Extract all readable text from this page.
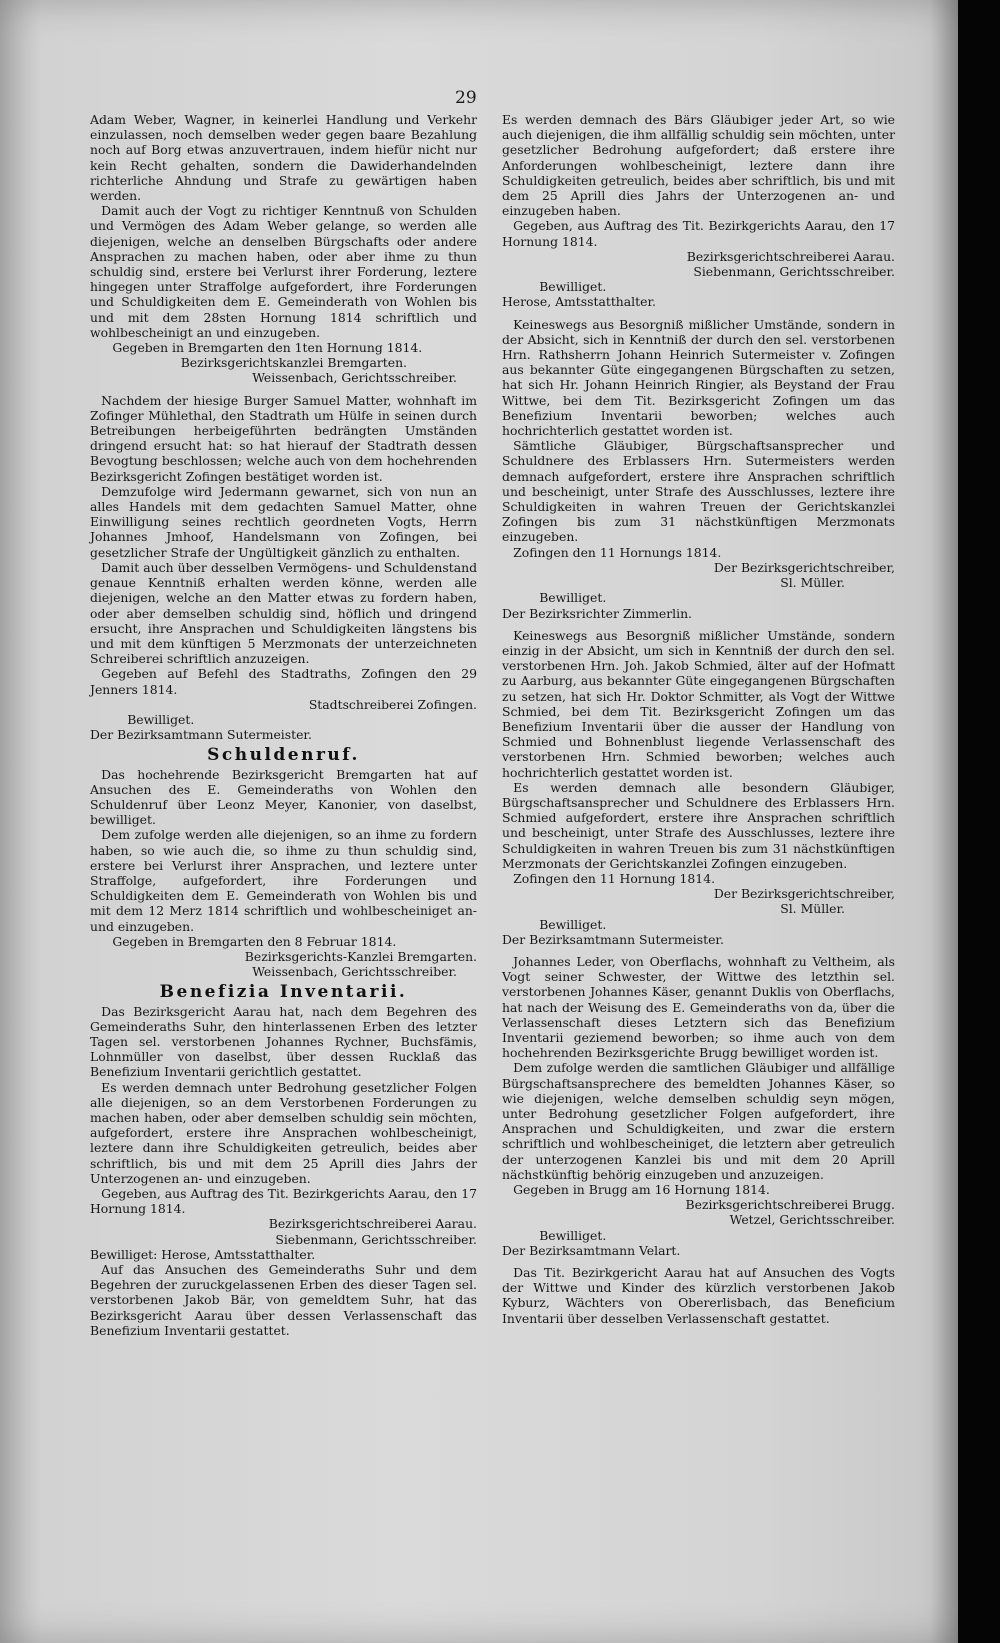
29

Adam Weber, Wagner, in keinerlei Handlung und Verkehr einzulassen, noch demselben weder gegen baare Bezahlung noch auf Borg etwas anzuvertrauen, indem hiefür nicht nur kein Recht gehalten, sondern die Dawiderhandelnden richterliche Ahndung und Strafe zu gewärtigen haben werden.

Damit auch der Vogt zu richtiger Kenntnuß von Schulden und Vermögen des Adam Weber gelange, so werden alle diejenigen, welche an denselben Bürgschafts oder andere Ansprachen zu machen haben, oder aber ihme zu thun schuldig sind, erstere bei Verlurst ihrer Forderung, leztere hingegen unter Straffolge aufgefordert, ihre Forderungen und Schuldigkeiten dem E. Gemeinderath von Wohlen bis und mit dem 28sten Hornung 1814 schriftlich und wohlbescheinigt an und einzugeben.

Gegeben in Bremgarten den 1ten Hornung 1814.

Bezirksgerichtskanzlei Bremgarten.

Weissenbach, Gerichtsschreiber.

Nachdem der hiesige Burger Samuel Matter, wohnhaft im Zofinger Mühlethal, den Stadtrath um Hülfe in seinen durch Betreibungen herbeigeführten bedrängten Umständen dringend ersucht hat: so hat hierauf der Stadtrath dessen Bevogtung beschlossen; welche auch von dem hochehrenden Bezirksgericht Zofingen bestätiget worden ist.

Demzufolge wird Jedermann gewarnet, sich von nun an alles Handels mit dem gedachten Samuel Matter, ohne Einwilligung seines rechtlich geordneten Vogts, Herrn Johannes Jmhoof, Handelsmann von Zofingen, bei gesetzlicher Strafe der Ungültigkeit gänzlich zu enthalten.

Damit auch über desselben Vermögens- und Schuldenstand genaue Kenntniß erhalten werden könne, werden alle diejenigen, welche an den Matter etwas zu fordern haben, oder aber demselben schuldig sind, höflich und dringend ersucht, ihre Ansprachen und Schuldigkeiten längstens bis und mit dem künftigen 5 Merzmonats der unterzeichneten Schreiberei schriftlich anzuzeigen.

Gegeben auf Befehl des Stadtraths, Zofingen den 29 Jenners 1814.

Stadtschreiberei Zofingen.

Bewilliget.

Der Bezirksamtmann Sutermeister.

Schuldenruf.

Das hochehrende Bezirksgericht Bremgarten hat auf Ansuchen des E. Gemeinderaths von Wohlen den Schuldenruf über Leonz Meyer, Kanonier, von daselbst, bewilliget.

Dem zufolge werden alle diejenigen, so an ihme zu fordern haben, so wie auch die, so ihme zu thun schuldig sind, erstere bei Verlurst ihrer Ansprachen, und leztere unter Straffolge, aufgefordert, ihre Forderungen und Schuldigkeiten dem E. Gemeinderath von Wohlen bis und mit dem 12 Merz 1814 schriftlich und wohlbescheiniget an- und einzugeben.

Gegeben in Bremgarten den 8 Februar 1814.

Bezirksgerichts-Kanzlei Bremgarten.

Weissenbach, Gerichtsschreiber.

Benefizia Inventarii.

Das Bezirksgericht Aarau hat, nach dem Begehren des Gemeinderaths Suhr, den hinterlassenen Erben des letzter Tagen sel. verstorbenen Johannes Rychner, Buchsfämis, Lohnmüller von daselbst, über dessen Rucklaß das Benefizium Inventarii gerichtlich gestattet.

Es werden demnach unter Bedrohung gesetzlicher Folgen alle diejenigen, so an dem Verstorbenen Forderungen zu machen haben, oder aber demselben schuldig sein möchten, aufgefordert, erstere ihre Ansprachen wohlbescheinigt, leztere dann ihre Schuldigkeiten getreulich, beides aber schriftlich, bis und mit dem 25 Aprill dies Jahrs der Unterzogenen an- und einzugeben.

Gegeben, aus Auftrag des Tit. Bezirkgerichts Aarau, den 17 Hornung 1814.

Bezirksgerichtschreiberei Aarau.

Siebenmann, Gerichtsschreiber.

Bewilliget: Herose, Amtsstatthalter.

Auf das Ansuchen des Gemeinderaths Suhr und dem Begehren der zuruckgelassenen Erben des dieser Tagen sel. verstorbenen Jakob Bär, von gemeldtem Suhr, hat das Bezirksgericht Aarau über dessen Verlassenschaft das Benefizium Inventarii gestattet.

Es werden demnach des Bärs Gläubiger jeder Art, so wie auch diejenigen, die ihm allfällig schuldig sein möchten, unter gesetzlicher Bedrohung aufgefordert; daß erstere ihre Anforderungen wohlbescheinigt, leztere dann ihre Schuldigkeiten getreulich, beides aber schriftlich, bis und mit dem 25 Aprill dies Jahrs der Unterzogenen an- und einzugeben haben.

Gegeben, aus Auftrag des Tit. Bezirkgerichts Aarau, den 17 Hornung 1814.

Bezirksgerichtschreiberei Aarau.

Siebenmann, Gerichtsschreiber.

Bewilliget.

Herose, Amtsstatthalter.

Keineswegs aus Besorgniß mißlicher Umstände, sondern in der Absicht, sich in Kenntniß der durch den sel. verstorbenen Hrn. Rathsherrn Johann Heinrich Sutermeister v. Zofingen aus bekannter Güte eingegangenen Bürgschaften zu setzen, hat sich Hr. Johann Heinrich Ringier, als Beystand der Frau Wittwe, bei dem Tit. Bezirksgericht Zofingen um das Benefizium Inventarii beworben; welches auch hochrichterlich gestattet worden ist.

Sämtliche Gläubiger, Bürgschaftsansprecher und Schuldnere des Erblassers Hrn. Sutermeisters werden demnach aufgefordert, erstere ihre Ansprachen schriftlich und bescheinigt, unter Strafe des Ausschlusses, leztere ihre Schuldigkeiten in wahren Treuen der Gerichtskanzlei Zofingen bis zum 31 nächstkünftigen Merzmonats einzugeben.

Zofingen den 11 Hornungs 1814.

Der Bezirksgerichtschreiber,

Sl. Müller.

Bewilliget.

Der Bezirksrichter Zimmerlin.

Keineswegs aus Besorgniß mißlicher Umstände, sondern einzig in der Absicht, um sich in Kenntniß der durch den sel. verstorbenen Hrn. Joh. Jakob Schmied, älter auf der Hofmatt zu Aarburg, aus bekannter Güte eingegangenen Bürgschaften zu setzen, hat sich Hr. Doktor Schmitter, als Vogt der Wittwe Schmied, bei dem Tit. Bezirksgericht Zofingen um das Benefizium Inventarii über die ausser der Handlung von Schmied und Bohnenblust liegende Verlassenschaft des verstorbenen Hrn. Schmied beworben; welches auch hochrichterlich gestattet worden ist.

Es werden demnach alle besondern Gläubiger, Bürgschaftsansprecher und Schuldnere des Erblassers Hrn. Schmied aufgefordert, erstere ihre Ansprachen schriftlich und bescheinigt, unter Strafe des Ausschlusses, leztere ihre Schuldigkeiten in wahren Treuen bis zum 31 nächstkünftigen Merzmonats der Gerichtskanzlei Zofingen einzugeben.

Zofingen den 11 Hornung 1814.

Der Bezirksgerichtschreiber,

Sl. Müller.

Bewilliget.

Der Bezirksamtmann Sutermeister.

Johannes Leder, von Oberflachs, wohnhaft zu Veltheim, als Vogt seiner Schwester, der Wittwe des letzthin sel. verstorbenen Johannes Käser, genannt Duklis von Oberflachs, hat nach der Weisung des E. Gemeinderaths von da, über die Verlassenschaft dieses Letztern sich das Benefizium Inventarii geziemend beworben; so ihme auch von dem hochehrenden Bezirksgerichte Brugg bewilliget worden ist.

Dem zufolge werden die samtlichen Gläubiger und allfällige Bürgschaftsansprechere des bemeldten Johannes Käser, so wie diejenigen, welche demselben schuldig seyn mögen, unter Bedrohung gesetzlicher Folgen aufgefordert, ihre Ansprachen und Schuldigkeiten, und zwar die erstern schriftlich und wohlbescheiniget, die letztern aber getreulich der unterzogenen Kanzlei bis und mit dem 20 Aprill nächstkünftig behörig einzugeben und anzuzeigen.

Gegeben in Brugg am 16 Hornung 1814.

Bezirksgerichtschreiberei Brugg.

Wetzel, Gerichtsschreiber.

Bewilliget.

Der Bezirksamtmann Velart.

Das Tit. Bezirkgericht Aarau hat auf Ansuchen des Vogts der Wittwe und Kinder des kürzlich verstorbenen Jakob Kyburz, Wächters von Obererlisbach, das Beneficium Inventarii über desselben Verlassenschaft gestattet.
